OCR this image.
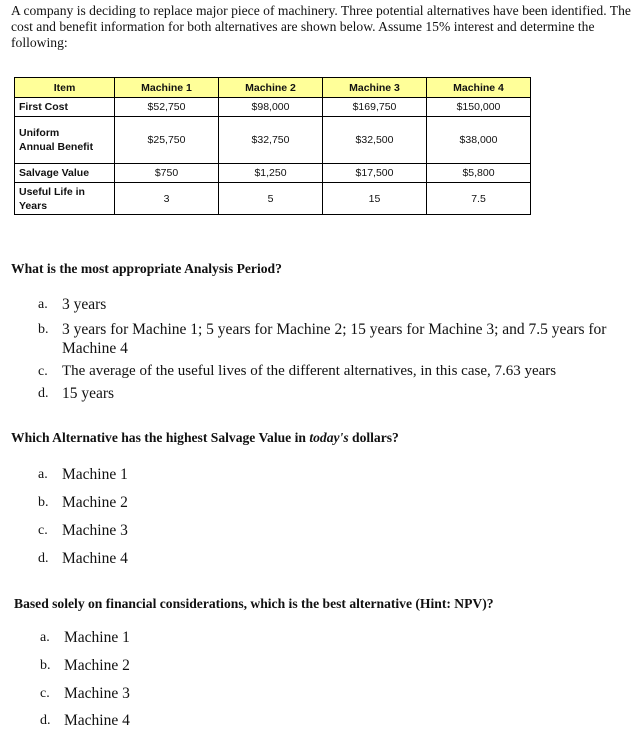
A company is deciding to replace major piece of machinery. Three potential alternatives have been identified. The cost and benefit information for both alternatives are shown below. Assume 15% interest and determine the following:

Item	Machine 1	Machine 2	Machine 3	Machine 4
First Cost	$52,750	$98,000	$169,750	$150,000
Uniform Annual Benefit	$25,750	$32,750	$32,500	$38,000
Salvage Value	$750	$1,250	$17,500	$5,800
Useful Life in Years	3	5	15	7.5

What is the most appropriate Analysis Period?

a. 3 years
b. 3 years for Machine 1; 5 years for Machine 2; 15 years for Machine 3; and 7.5 years for Machine 4
c. The average of the useful lives of the different alternatives, in this case, 7.63 years
d. 15 years

Which Alternative has the highest Salvage Value in today's dollars?

a. Machine 1
b. Machine 2
c. Machine 3
d. Machine 4

Based solely on financial considerations, which is the best alternative (Hint: NPV)?

a. Machine 1
b. Machine 2
c. Machine 3
d. Machine 4
